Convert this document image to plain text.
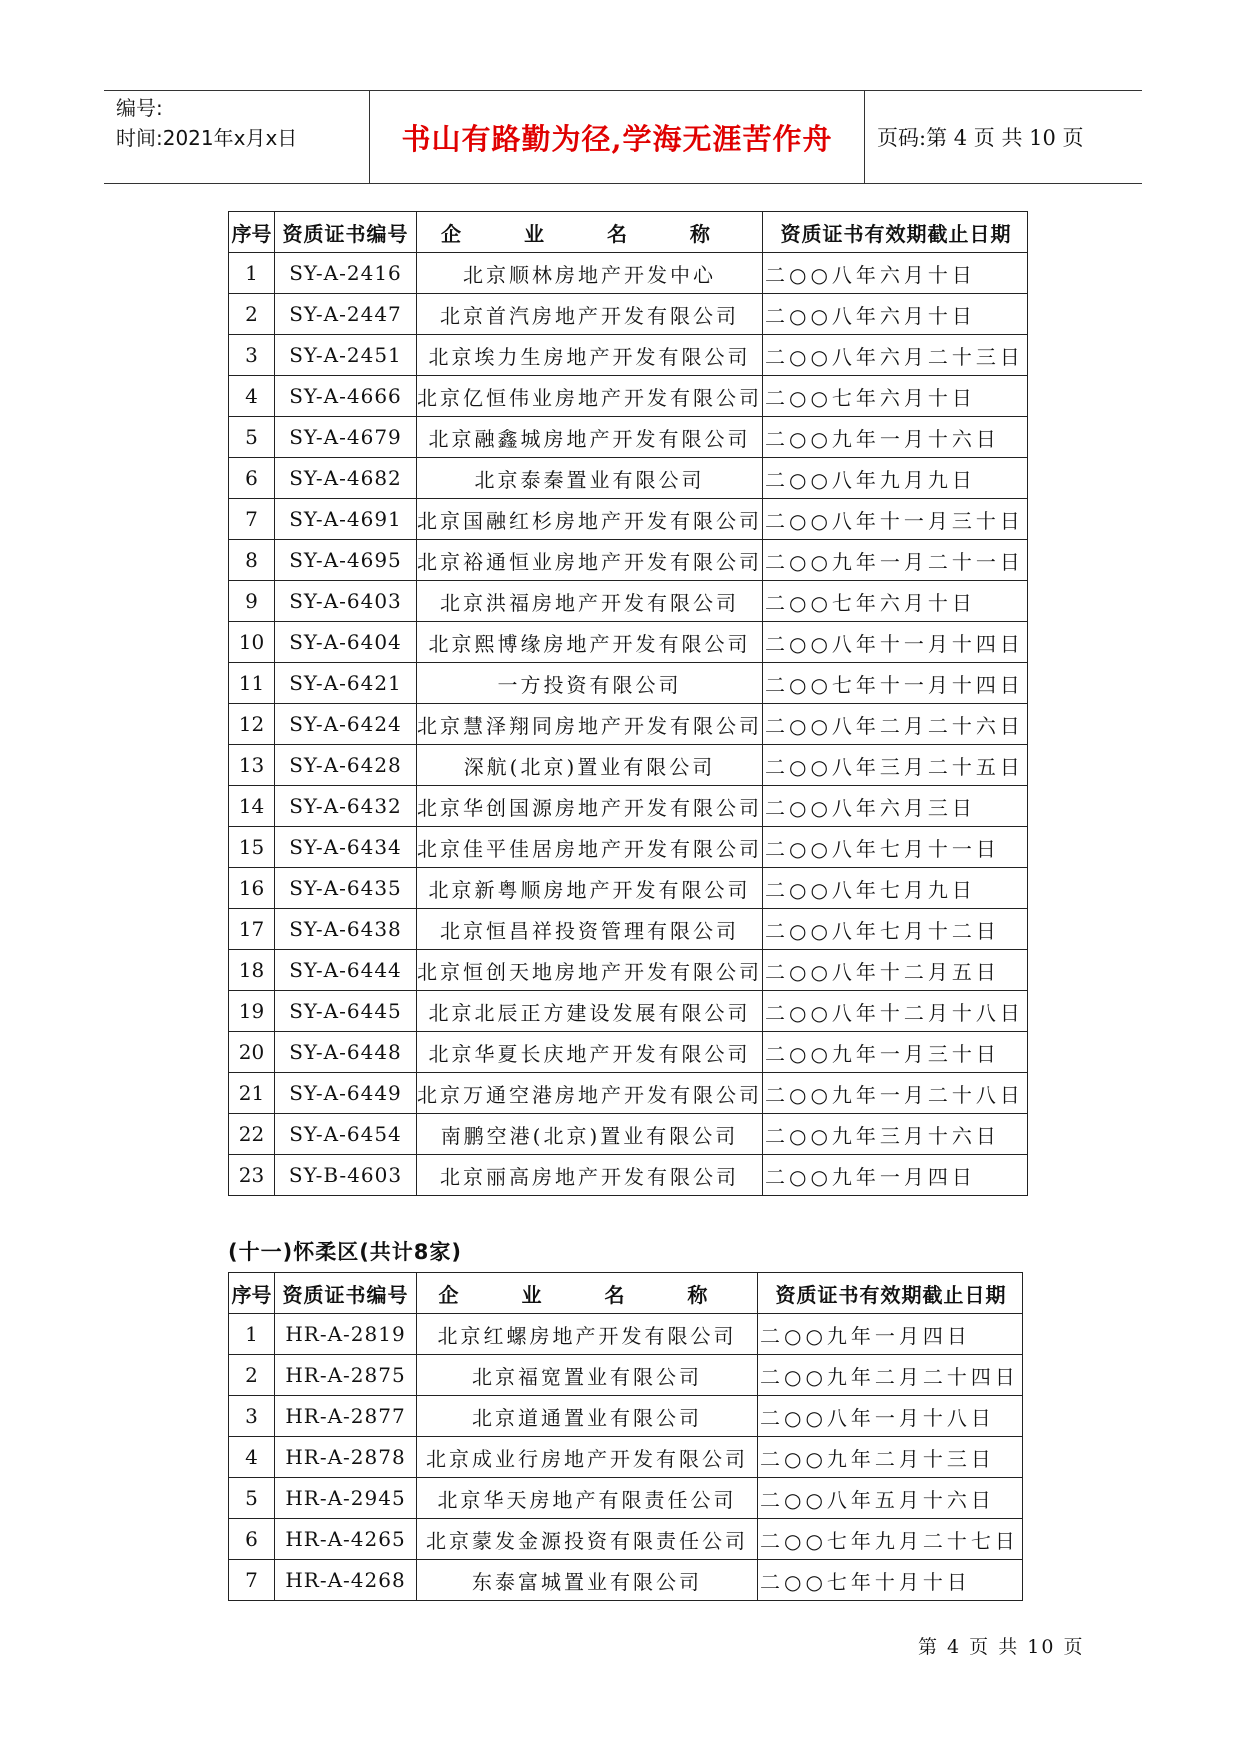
编号:
时间:2021年x月x日	书山有路勤为径,学海无涯苦作舟	页码:第 4 页 共 10 页
序号	资质证书编号	企 业 名 称	资质证书有效期截止日期
1	SY-A-2416	北京顺林房地产开发中心	二○○八年六月十日
2	SY-A-2447	北京首汽房地产开发有限公司	二○○八年六月十日
3	SY-A-2451	北京埃力生房地产开发有限公司	二○○八年六月二十三日
4	SY-A-4666	北京亿恒伟业房地产开发有限公司	二○○七年六月十日
5	SY-A-4679	北京融鑫城房地产开发有限公司	二○○九年一月十六日
6	SY-A-4682	北京泰秦置业有限公司	二○○八年九月九日
7	SY-A-4691	北京国融红杉房地产开发有限公司	二○○八年十一月三十日
8	SY-A-4695	北京裕通恒业房地产开发有限公司	二○○九年一月二十一日
9	SY-A-6403	北京洪福房地产开发有限公司	二○○七年六月十日
10	SY-A-6404	北京熙博缘房地产开发有限公司	二○○八年十一月十四日
11	SY-A-6421	一方投资有限公司	二○○七年十一月十四日
12	SY-A-6424	北京慧泽翔同房地产开发有限公司	二○○八年二月二十六日
13	SY-A-6428	深航(北京)置业有限公司	二○○八年三月二十五日
14	SY-A-6432	北京华创国源房地产开发有限公司	二○○八年六月三日
15	SY-A-6434	北京佳平佳居房地产开发有限公司	二○○八年七月十一日
16	SY-A-6435	北京新粤顺房地产开发有限公司	二○○八年七月九日
17	SY-A-6438	北京恒昌祥投资管理有限公司	二○○八年七月十二日
18	SY-A-6444	北京恒创天地房地产开发有限公司	二○○八年十二月五日
19	SY-A-6445	北京北辰正方建设发展有限公司	二○○八年十二月十八日
20	SY-A-6448	北京华夏长庆地产开发有限公司	二○○九年一月三十日
21	SY-A-6449	北京万通空港房地产开发有限公司	二○○九年一月二十八日
22	SY-A-6454	南鹏空港(北京)置业有限公司	二○○九年三月十六日
23	SY-B-4603	北京丽高房地产开发有限公司	二○○九年一月四日
(十一)怀柔区(共计8家)
序号	资质证书编号	企 业 名 称	资质证书有效期截止日期
1	HR-A-2819	北京红螺房地产开发有限公司	二○○九年一月四日
2	HR-A-2875	北京福宽置业有限公司	二○○九年二月二十四日
3	HR-A-2877	北京道通置业有限公司	二○○八年一月十八日
4	HR-A-2878	北京成业行房地产开发有限公司	二○○九年二月十三日
5	HR-A-2945	北京华天房地产有限责任公司	二○○八年五月十六日
6	HR-A-4265	北京蒙发金源投资有限责任公司	二○○七年九月二十七日
7	HR-A-4268	东泰富城置业有限公司	二○○七年十月十日
第 4 页 共 10 页
